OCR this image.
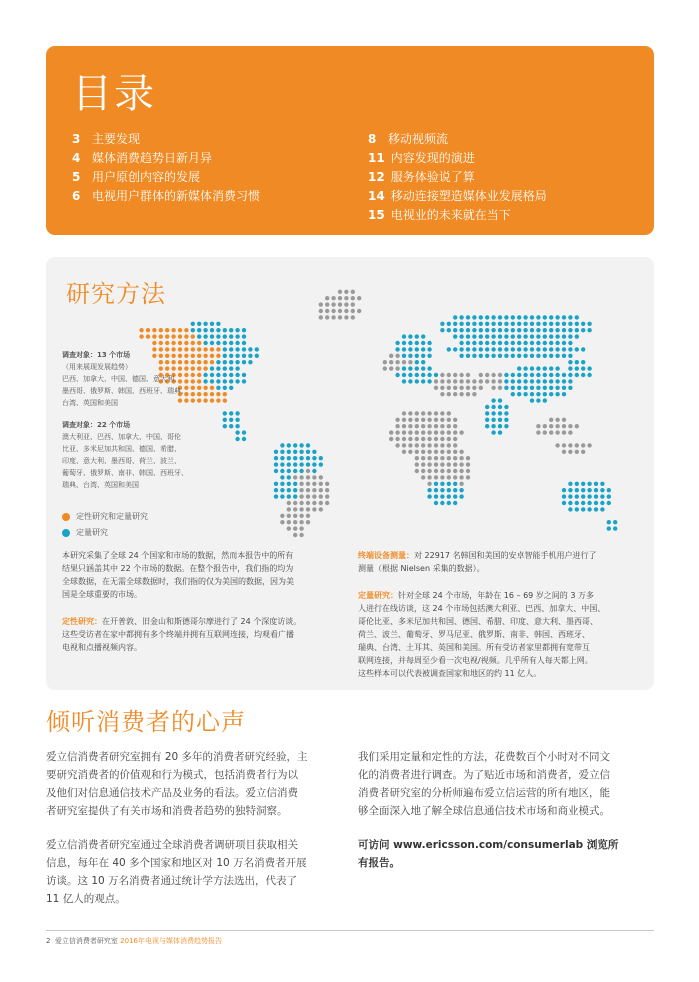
目录
3 主要发现
4 媒体消费趋势日新月异
5 用户原创内容的发展
6 电视用户群体的新媒体消费习惯
8 移动视频流
11 内容发现的演进
12 服务体验说了算
14 移动连接塑造媒体业发展格局
15 电视业的未来就在当下
研究方法
调查对象：13 个市场
（用来展现发展趋势）
巴西、加拿大、中国、德国、意大利、
墨西哥、俄罗斯、韩国、西班牙、瑞典、
台湾、英国和美国
调查对象：22 个市场
澳大利亚、巴西、加拿大、中国、哥伦
比亚、多米尼加共和国、德国、希腊、
印度、意大利、墨西哥、荷兰、波兰、
葡萄牙、俄罗斯、南非、韩国、西班牙、
瑞典、台湾、英国和美国
定性研究和定量研究
定量研究
本研究采集了全球 24 个国家和市场的数据，然而本报告中的所有
结果只涵盖其中 22 个市场的数据。在整个报告中，我们指的均为
全球数据，在无需全球数据时，我们指的仅为美国的数据，因为美
国是全球重要的市场。
定性研究：在开普敦、旧金山和斯德哥尔摩进行了 24 个深度访谈。
这些受访者在家中都拥有多个终端并拥有互联网连接，均观看广播
电视和点播视频内容。
终端设备测量：对 22917 名韩国和美国的安卓智能手机用户进行了
测量（根据 Nielsen 采集的数据）。
定量研究：针对全球 24 个市场，年龄在 16 – 69 岁之间的 3 万多
人进行在线访谈，这 24 个市场包括澳大利亚、巴西、加拿大、中国、
哥伦比亚、多米尼加共和国、德国、希腊、印度、意大利、墨西哥、
荷兰、波兰、葡萄牙、罗马尼亚、俄罗斯、南非、韩国、西班牙、
瑞典、台湾、土耳其、英国和美国。所有受访者家里都拥有宽带互
联网连接，并每周至少看一次电视/视频。几乎所有人每天都上网。
这些样本可以代表被调查国家和地区的约 11 亿人。
倾听消费者的心声
爱立信消费者研究室拥有 20 多年的消费者研究经验，主
要研究消费者的价值观和行为模式，包括消费者行为以
及他们对信息通信技术产品及业务的看法。爱立信消费
者研究室提供了有关市场和消费者趋势的独特洞察。
爱立信消费者研究室通过全球消费者调研项目获取相关
信息，每年在 40 多个国家和地区对 10 万名消费者开展
访谈。这 10 万名消费者通过统计学方法选出，代表了
11 亿人的观点。
我们采用定量和定性的方法，花费数百个小时对不同文
化的消费者进行调查。为了贴近市场和消费者，爱立信
消费者研究室的分析师遍布爱立信运营的所有地区，能
够全面深入地了解全球信息通信技术市场和商业模式。
可访问 www.ericsson.com/consumerlab 浏览所
有报告。
2 爱立信消费者研究室 2016年电视与媒体消费趋势报告
